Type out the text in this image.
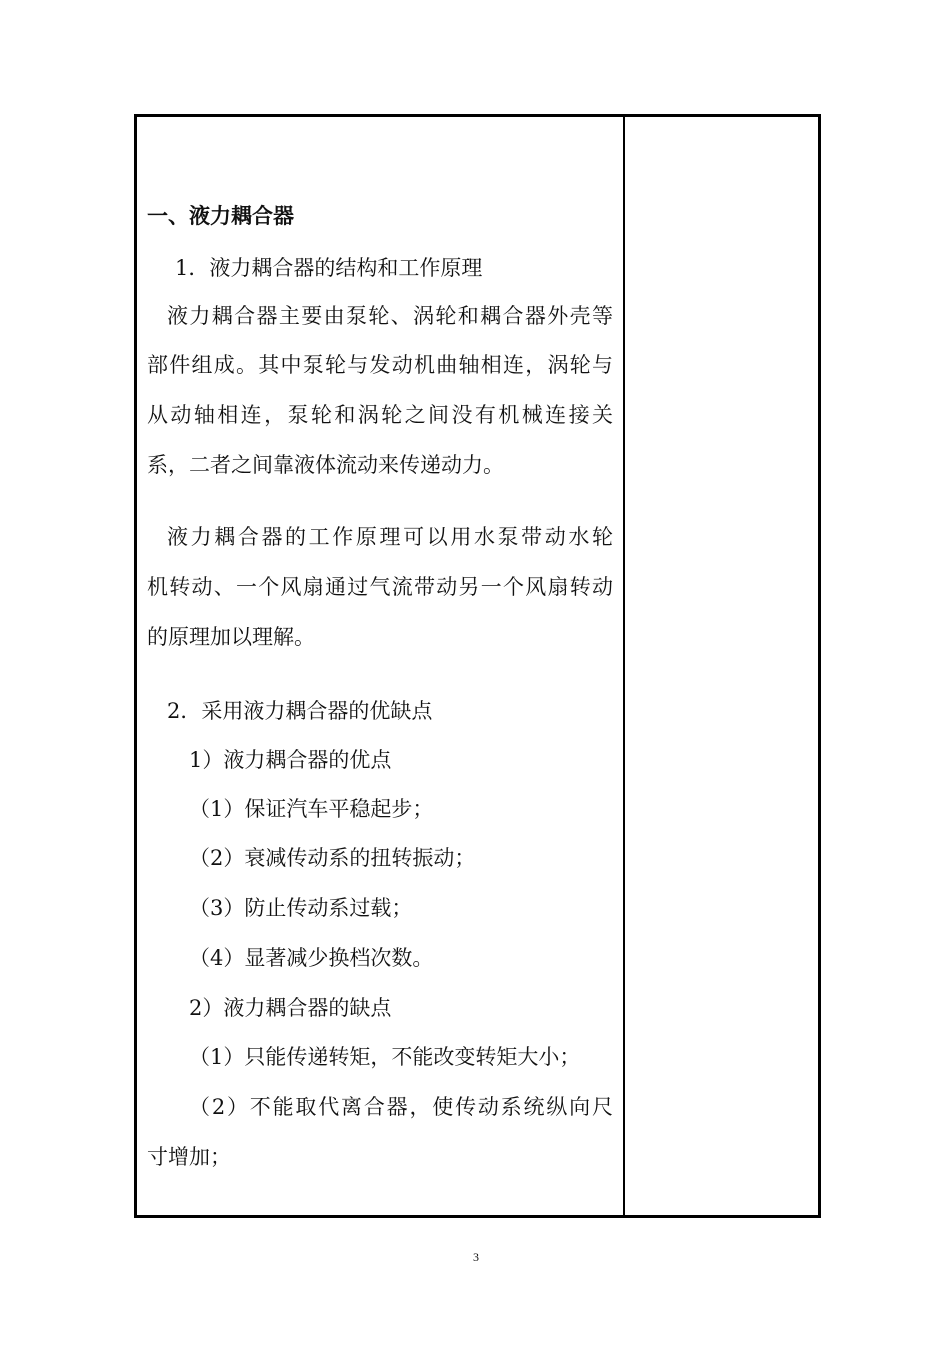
一、液力耦合器
1．液力耦合器的结构和工作原理
液力耦合器主要由泵轮、涡轮和耦合器外壳等
部件组成。其中泵轮与发动机曲轴相连，涡轮与
从动轴相连，泵轮和涡轮之间没有机械连接关
系，二者之间靠液体流动来传递动力。
液力耦合器的工作原理可以用水泵带动水轮
机转动、一个风扇通过气流带动另一个风扇转动
的原理加以理解。
2．采用液力耦合器的优缺点
1）液力耦合器的优点
（1）保证汽车平稳起步；
（2）衰减传动系的扭转振动；
（3）防止传动系过载；
（4）显著减少换档次数。
2）液力耦合器的缺点
（1）只能传递转矩，不能改变转矩大小；
（2）不能取代离合器，使传动系统纵向尺
寸增加；
3
